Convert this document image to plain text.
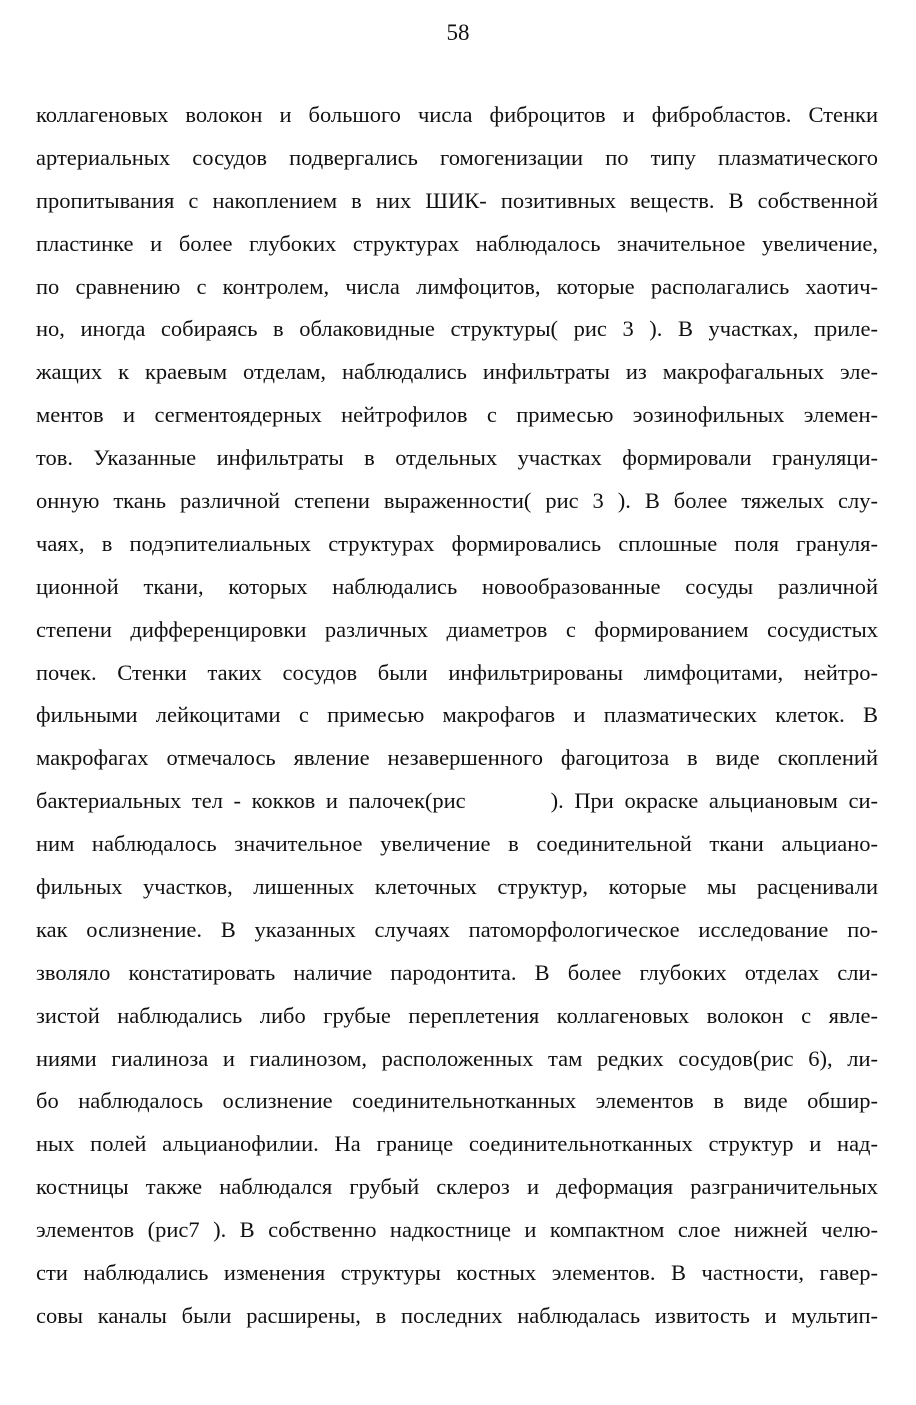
58
коллагеновых волокон и большого числа фиброцитов и фибробластов. Стенки
артериальных сосудов подвергались гомогенизации по типу плазматического
пропитывания с накоплением в них ШИК- позитивных веществ. В собственной
пластинке и более глубоких структурах наблюдалось значительное увеличение,
по сравнению с контролем, числа лимфоцитов, которые располагались хаотич-
но, иногда собираясь в облаковидные структуры( рис 3 ). В участках, приле-
жащих к краевым отделам, наблюдались инфильтраты из макрофагальных эле-
ментов и сегментоядерных нейтрофилов с примесью эозинофильных элемен-
тов. Указанные инфильтраты в отдельных участках формировали грануляци-
онную ткань различной степени выраженности( рис 3 ). В более тяжелых слу-
чаях, в подэпителиальных структурах формировались сплошные поля грануля-
ционной ткани, которых наблюдались новообразованные сосуды различной
степени дифференцировки различных диаметров с формированием сосудистых
почек. Стенки таких сосудов были инфильтрированы лимфоцитами, нейтро-
фильными лейкоцитами с примесью макрофагов и плазматических клеток. В
макрофагах отмечалось явление незавершенного фагоцитоза в виде скоплений
бактериальных тел - кокков и палочек(рис        ). При окраске альциановым си-
ним наблюдалось значительное увеличение в соединительной ткани альциано-
фильных участков, лишенных клеточных структур, которые мы расценивали
как ослизнение. В указанных случаях патоморфологическое исследование по-
зволяло констатировать наличие пародонтита. В более глубоких отделах сли-
зистой наблюдались либо грубые переплетения коллагеновых волокон с явле-
ниями гиалиноза и гиалинозом, расположенных там редких сосудов(рис 6), ли-
бо наблюдалось ослизнение соединительнотканных элементов в виде обшир-
ных полей альцианофилии. На границе соединительнотканных структур и над-
костницы также наблюдался грубый склероз и деформация разграничительных
элементов (рис7 ). В собственно надкостнице и компактном слое нижней челю-
сти наблюдались изменения структуры костных элементов. В частности, гавер-
совы каналы были расширены, в последних наблюдалась извитость и мультип-
